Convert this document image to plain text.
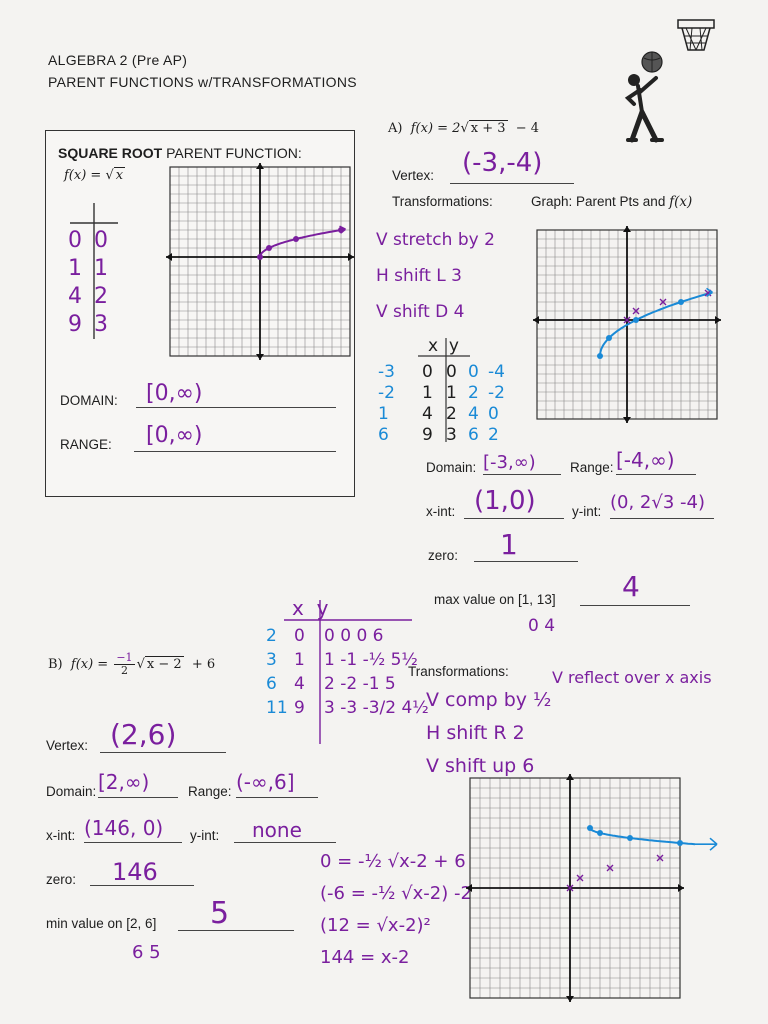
ALGEBRA 2 (Pre AP)
PARENT FUNCTIONS w/TRANSFORMATIONS
SQUARE ROOT PARENT FUNCTION:
f(x) = √ x
0 0
1 1
4 2
9 3
DOMAIN: [0,∞)
RANGE: [0,∞)
A) f(x) = 2√ x + 3 − 4
Vertex: (-3,-4)
Transformations:	Graph: Parent Pts and f(x)
V stretch by 2
H shift L 3
V shift D 4
x y
-3 0 0 0 -4
-2 1 1 2 -2
1 4 2 4 0
6 9 3 6 2
Domain: [-3,∞)	Range: [-4,∞)
x-int: (1,0)	y-int: (0, 2√3 -4)
zero: 1
max value on [1, 13] 4
0 4
B) $f(x) = \frac{-1}{2}$ √ x − 2 + 6
x y
2 0 0 0 0 6
3 1 1 -1 -½ 5½
6 4 2 -2 -1 5
11 9 3 -3 -3/2 4½
Transformations:	V reflect over x axis
V comp by ½
H shift R 2
V shift up 6
Vertex: (2,6)
Domain: [2,∞)	Range: (-∞,6]
x-int: (146, 0) y-int: none
zero: 146
min value on [2, 6] 5
6 5
0 = -½ √x-2 + 6
(-6 = -½ √x-2) -2
(12 = √x-2)²
144 = x-2
